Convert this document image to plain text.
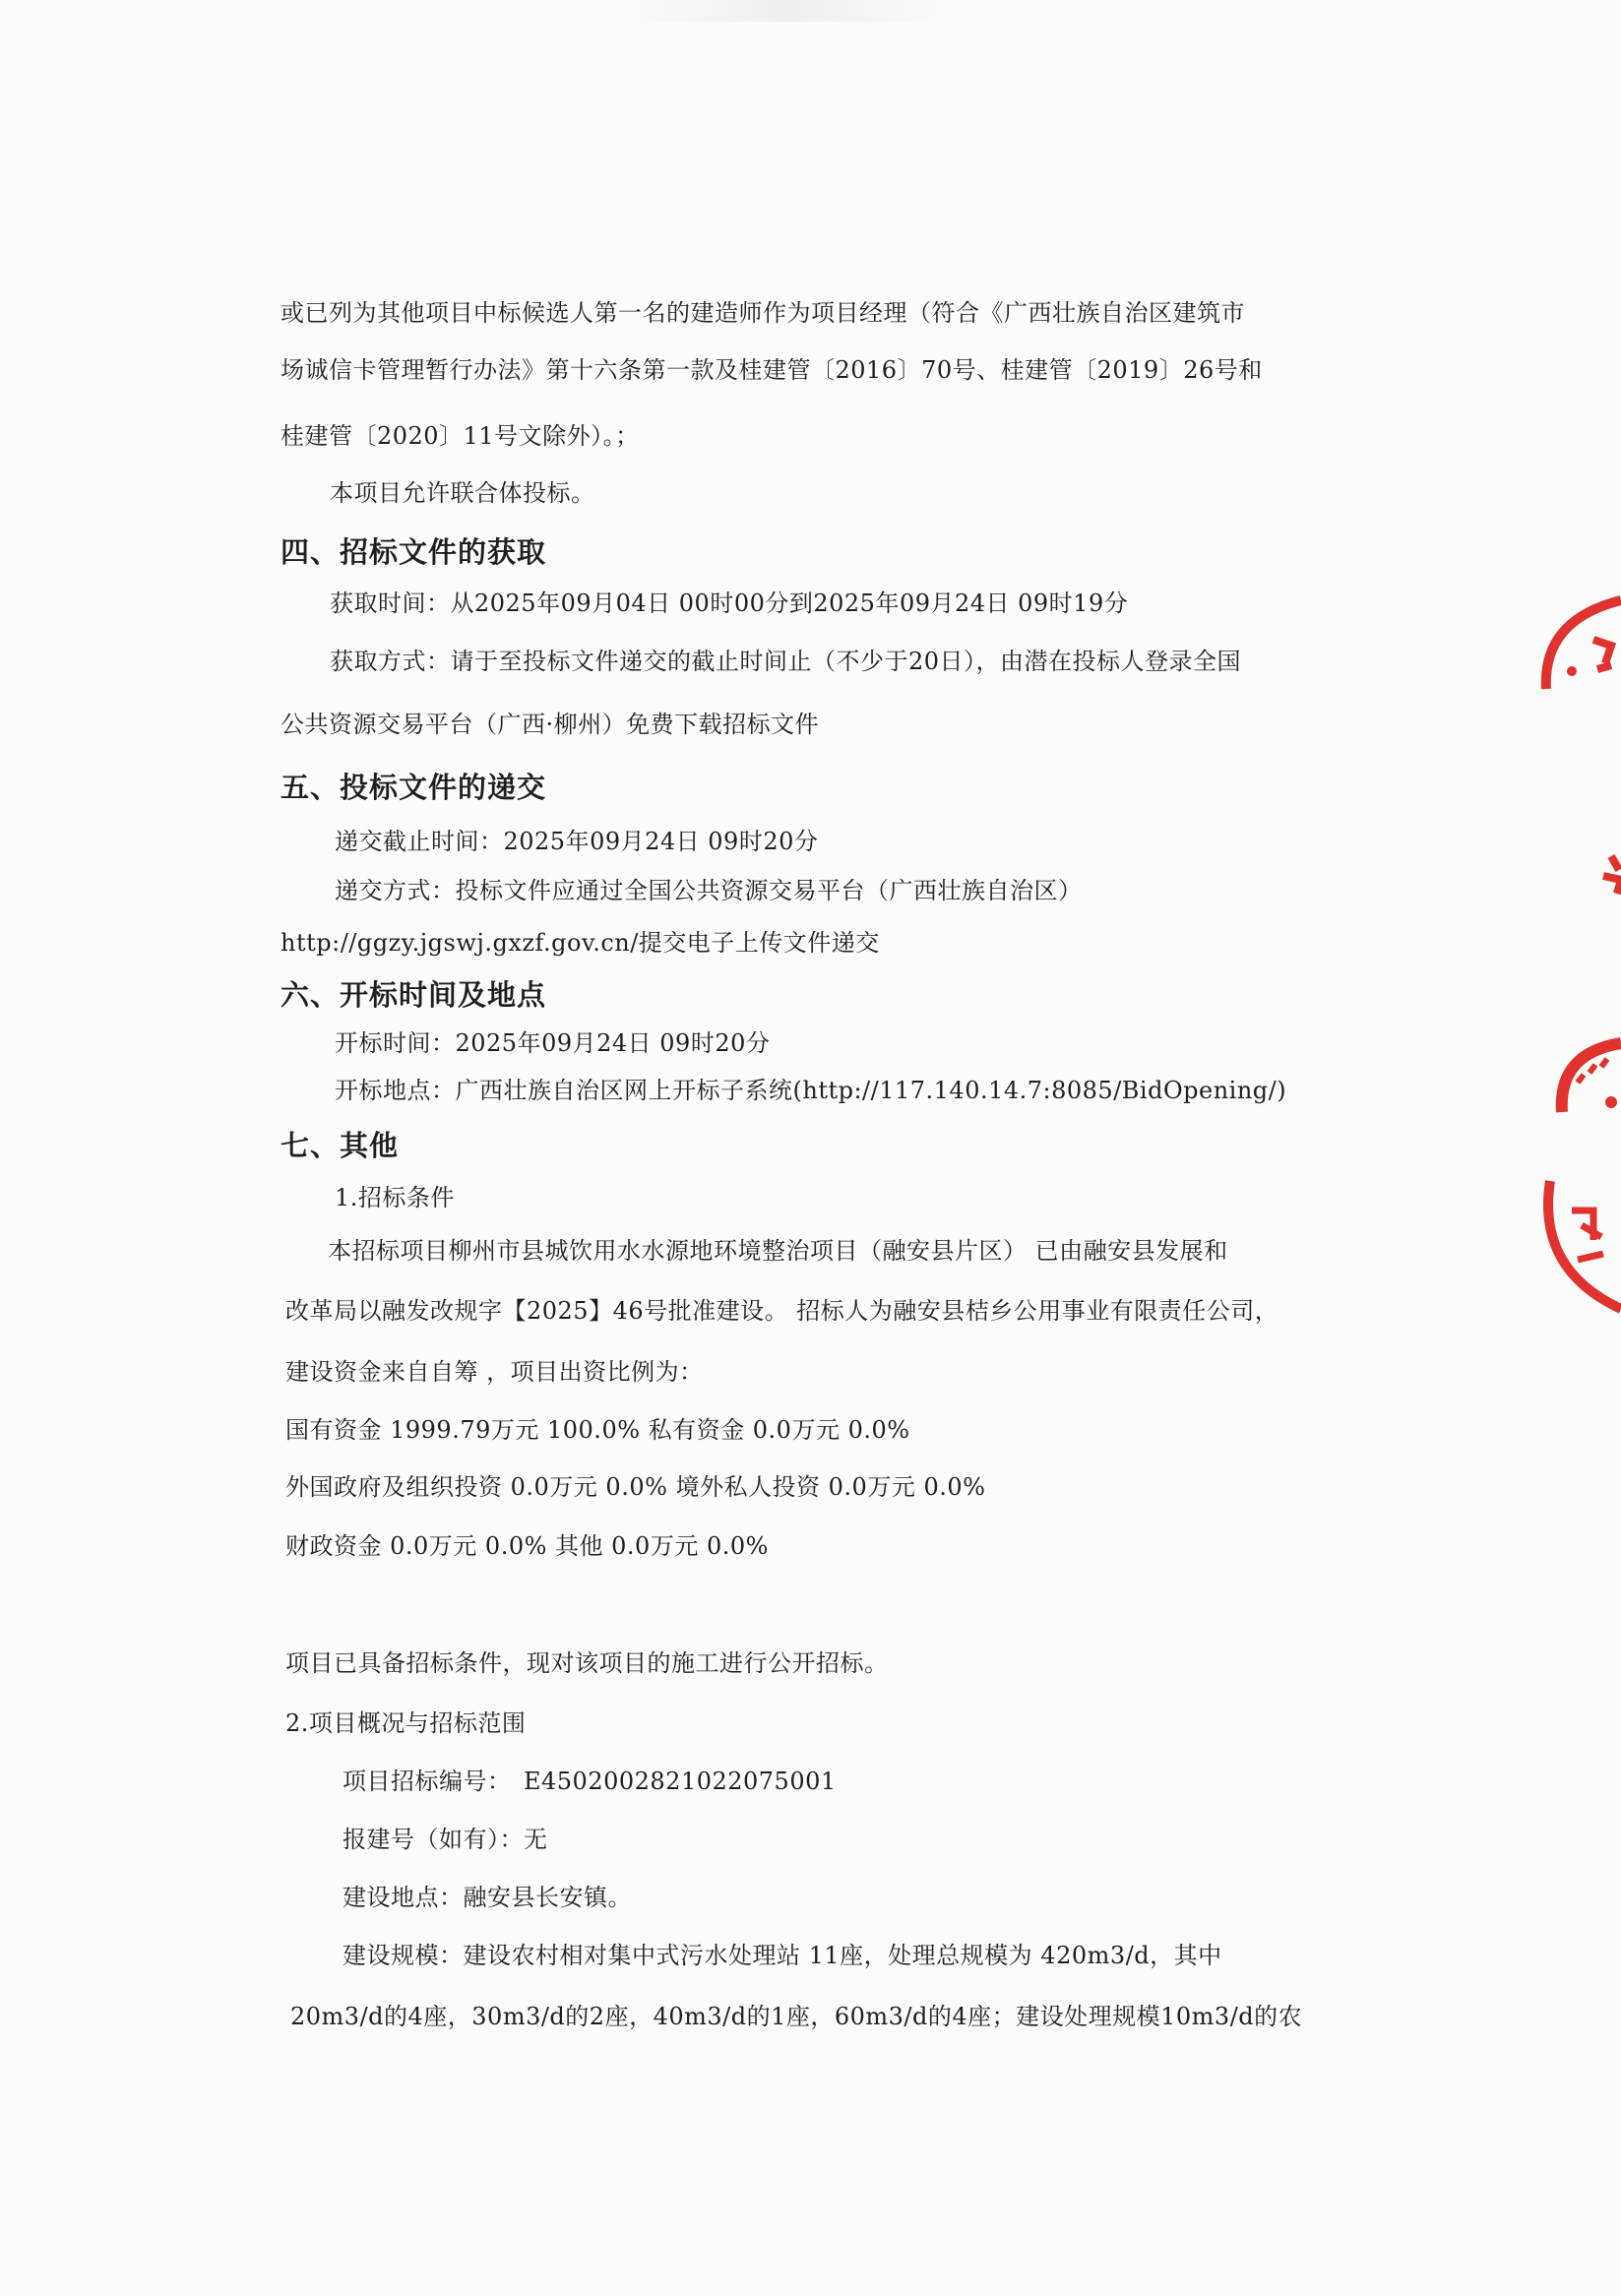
或已列为其他项目中标候选人第一名的建造师作为项目经理（符合《广西壮族自治区建筑市
场诚信卡管理暂行办法》第十六条第一款及桂建管〔2016〕70号、桂建管〔2019〕26号和
桂建管〔2020〕11号文除外）。；
本项目允许联合体投标。
四、招标文件的获取
获取时间：从2025年09月04日 00时00分到2025年09月24日 09时19分
获取方式：请于至投标文件递交的截止时间止（不少于20日），由潜在投标人登录全国
公共资源交易平台（广西·柳州）免费下载招标文件
五、投标文件的递交
递交截止时间：2025年09月24日 09时20分
递交方式：投标文件应通过全国公共资源交易平台（广西壮族自治区）
http://ggzy.jgswj.gxzf.gov.cn/提交电子上传文件递交
六、开标时间及地点
开标时间：2025年09月24日 09时20分
开标地点：广西壮族自治区网上开标子系统(http://117.140.14.7:8085/BidOpening/)
七、其他
1.招标条件
本招标项目柳州市县城饮用水水源地环境整治项目（融安县片区） 已由融安县发展和
改革局以融发改规字【2025】46号批准建设。 招标人为融安县桔乡公用事业有限责任公司，
建设资金来自自筹 ，项目出资比例为：
国有资金 1999.79万元 100.0% 私有资金 0.0万元 0.0%
外国政府及组织投资 0.0万元 0.0% 境外私人投资 0.0万元 0.0%
财政资金 0.0万元 0.0% 其他 0.0万元 0.0%
项目已具备招标条件，现对该项目的施工进行公开招标。
2.项目概况与招标范围
项目招标编号：　E4502002821022075001
报建号（如有）：无
建设地点：融安县长安镇。
建设规模：建设农村相对集中式污水处理站 11座，处理总规模为 420m3/d，其中
20m3/d的4座，30m3/d的2座，40m3/d的1座，60m3/d的4座；建设处理规模10m3/d的农
